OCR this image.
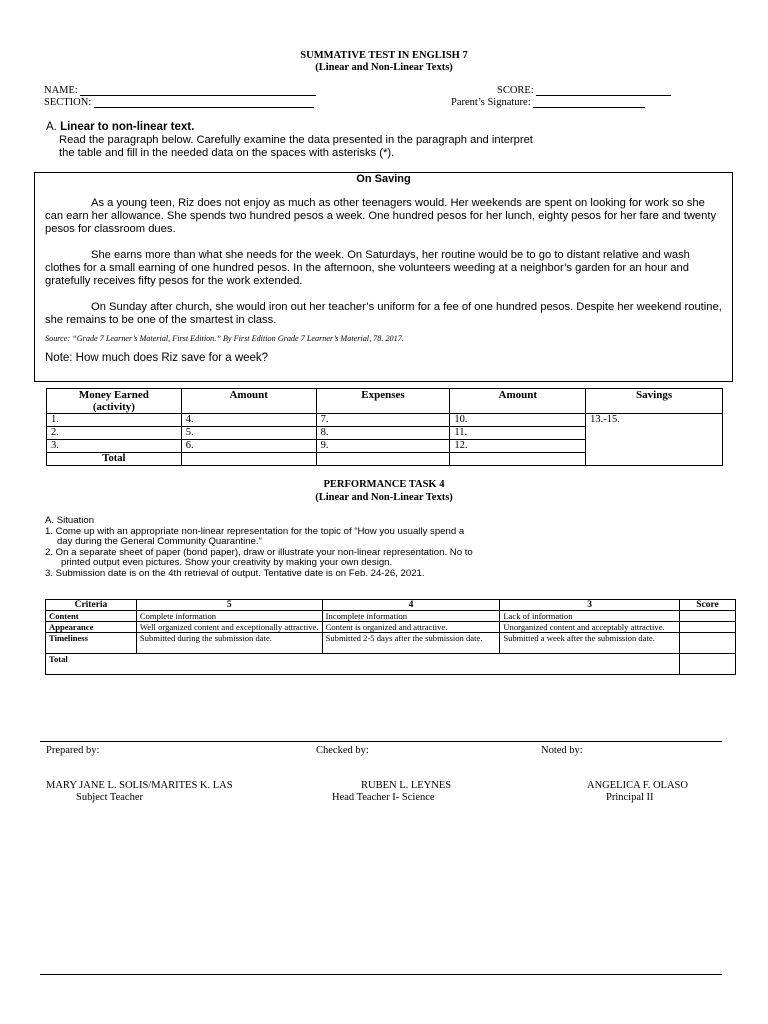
SUMMATIVE TEST IN ENGLISH 7
(Linear and Non-Linear Texts)
NAME:
SECTION:
SCORE:
Parent’s Signature:
A. Linear to non-linear text.
Read the paragraph below. Carefully examine the data presented in the paragraph and interpret
the table and fill in the needed data on the spaces with asterisks (*).
On Saving

As a young teen, Riz does not enjoy as much as other teenagers would. Her weekends are spent on looking for work so she can earn her allowance. She spends two hundred pesos a week. One hundred pesos for her lunch, eighty pesos for her fare and twenty pesos for classroom dues.

She earns more than what she needs for the week. On Saturdays, her routine would be to go to distant relative and wash clothes for a small earning of one hundred pesos. In the afternoon, she volunteers weeding at a neighbor’s garden for an hour and gratefully receives fifty pesos for the work extended.

On Sunday after church, she would iron out her teacher’s uniform for a fee of one hundred pesos. Despite her weekend routine, she remains to be one of the smartest in class.

Source: “Grade 7 Learner’s Material, First Edition.” By First Edition Grade 7 Learner’s Material, 78. 2017.
Note: How much does Riz save for a week?
Money Earned
(activity)	Amount	Expenses	Amount	Savings
1.	4.	7.	10.	13.-15.
2.	5.	8.	11.	
3.	6.	9.	12.	
Total				
PERFORMANCE TASK 4
(Linear and Non-Linear Texts)
A. Situation
1. Come up with an appropriate non-linear representation for the topic of “How you usually spend a
day during the General Community Quarantine.”
2. On a separate sheet of paper (bond paper), draw or illustrate your non-linear representation. No to
printed output even pictures. Show your creativity by making your own design.
3. Submission date is on the 4th retrieval of output. Tentative date is on Feb. 24-26, 2021.
Criteria	5	4	3	Score
Content	Complete information	Incomplete information	Lack of information	
Appearance	Well organized content and exceptionally attractive.	Content is organized and attractive.	Unorganized content and acceptably attractive.	
Timeliness	Submitted during the submission date.	Submitted 2-5 days after the submission date.	Submitted a week after the submission date.	
Total				
Prepared by:	Checked by:	Noted by:
MARY JANE L. SOLIS/MARITES K. LAS
Subject Teacher
RUBEN L. LEYNES
Head Teacher I- Science
ANGELICA F. OLASO
Principal II
